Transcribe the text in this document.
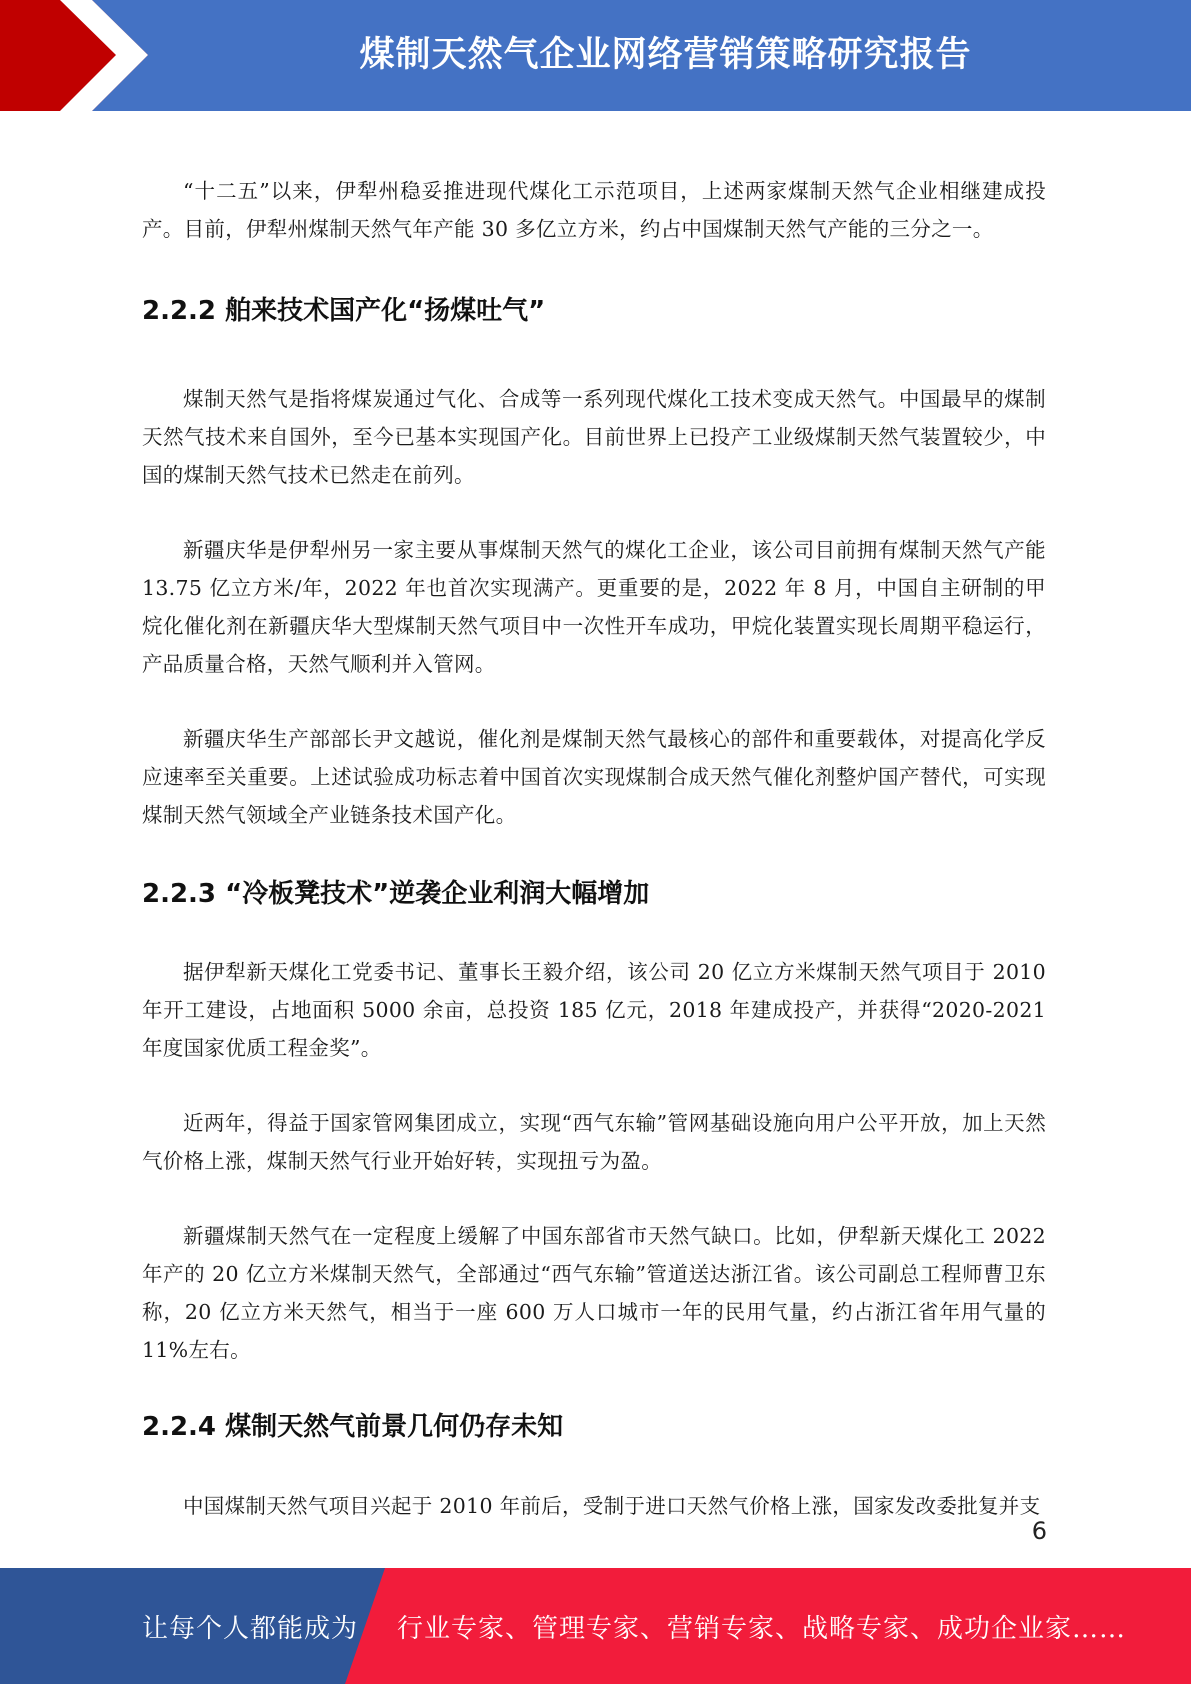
煤制天然气企业网络营销策略研究报告

“十二五”以来，伊犁州稳妥推进现代煤化工示范项目，上述两家煤制天然气企业相继建成投产。目前，伊犁州煤制天然气年产能 30 多亿立方米，约占中国煤制天然气产能的三分之一。

2.2.2 舶来技术国产化“扬煤吐气”

煤制天然气是指将煤炭通过气化、合成等一系列现代煤化工技术变成天然气。中国最早的煤制天然气技术来自国外，至今已基本实现国产化。目前世界上已投产工业级煤制天然气装置较少，中国的煤制天然气技术已然走在前列。

新疆庆华是伊犁州另一家主要从事煤制天然气的煤化工企业，该公司目前拥有煤制天然气产能 13.75 亿立方米/年，2022 年也首次实现满产。更重要的是，2022 年 8 月，中国自主研制的甲烷化催化剂在新疆庆华大型煤制天然气项目中一次性开车成功，甲烷化装置实现长周期平稳运行，产品质量合格，天然气顺利并入管网。

新疆庆华生产部部长尹文越说，催化剂是煤制天然气最核心的部件和重要载体，对提高化学反应速率至关重要。上述试验成功标志着中国首次实现煤制合成天然气催化剂整炉国产替代，可实现煤制天然气领域全产业链条技术国产化。

2.2.3 “冷板凳技术”逆袭企业利润大幅增加

据伊犁新天煤化工党委书记、董事长王毅介绍，该公司 20 亿立方米煤制天然气项目于 2010 年开工建设，占地面积 5000 余亩，总投资 185 亿元，2018 年建成投产，并获得“2020-2021 年度国家优质工程金奖”。

近两年，得益于国家管网集团成立，实现“西气东输”管网基础设施向用户公平开放，加上天然气价格上涨，煤制天然气行业开始好转，实现扭亏为盈。

新疆煤制天然气在一定程度上缓解了中国东部省市天然气缺口。比如，伊犁新天煤化工 2022 年产的 20 亿立方米煤制天然气，全部通过“西气东输”管道送达浙江省。该公司副总工程师曹卫东称，20 亿立方米天然气，相当于一座 600 万人口城市一年的民用气量，约占浙江省年用气量的 11%左右。

2.2.4 煤制天然气前景几何仍存未知

中国煤制天然气项目兴起于 2010 年前后，受制于进口天然气价格上涨，国家发改委批复并支

6
让每个人都能成为 行业专家、管理专家、营销专家、战略专家、成功企业家……
